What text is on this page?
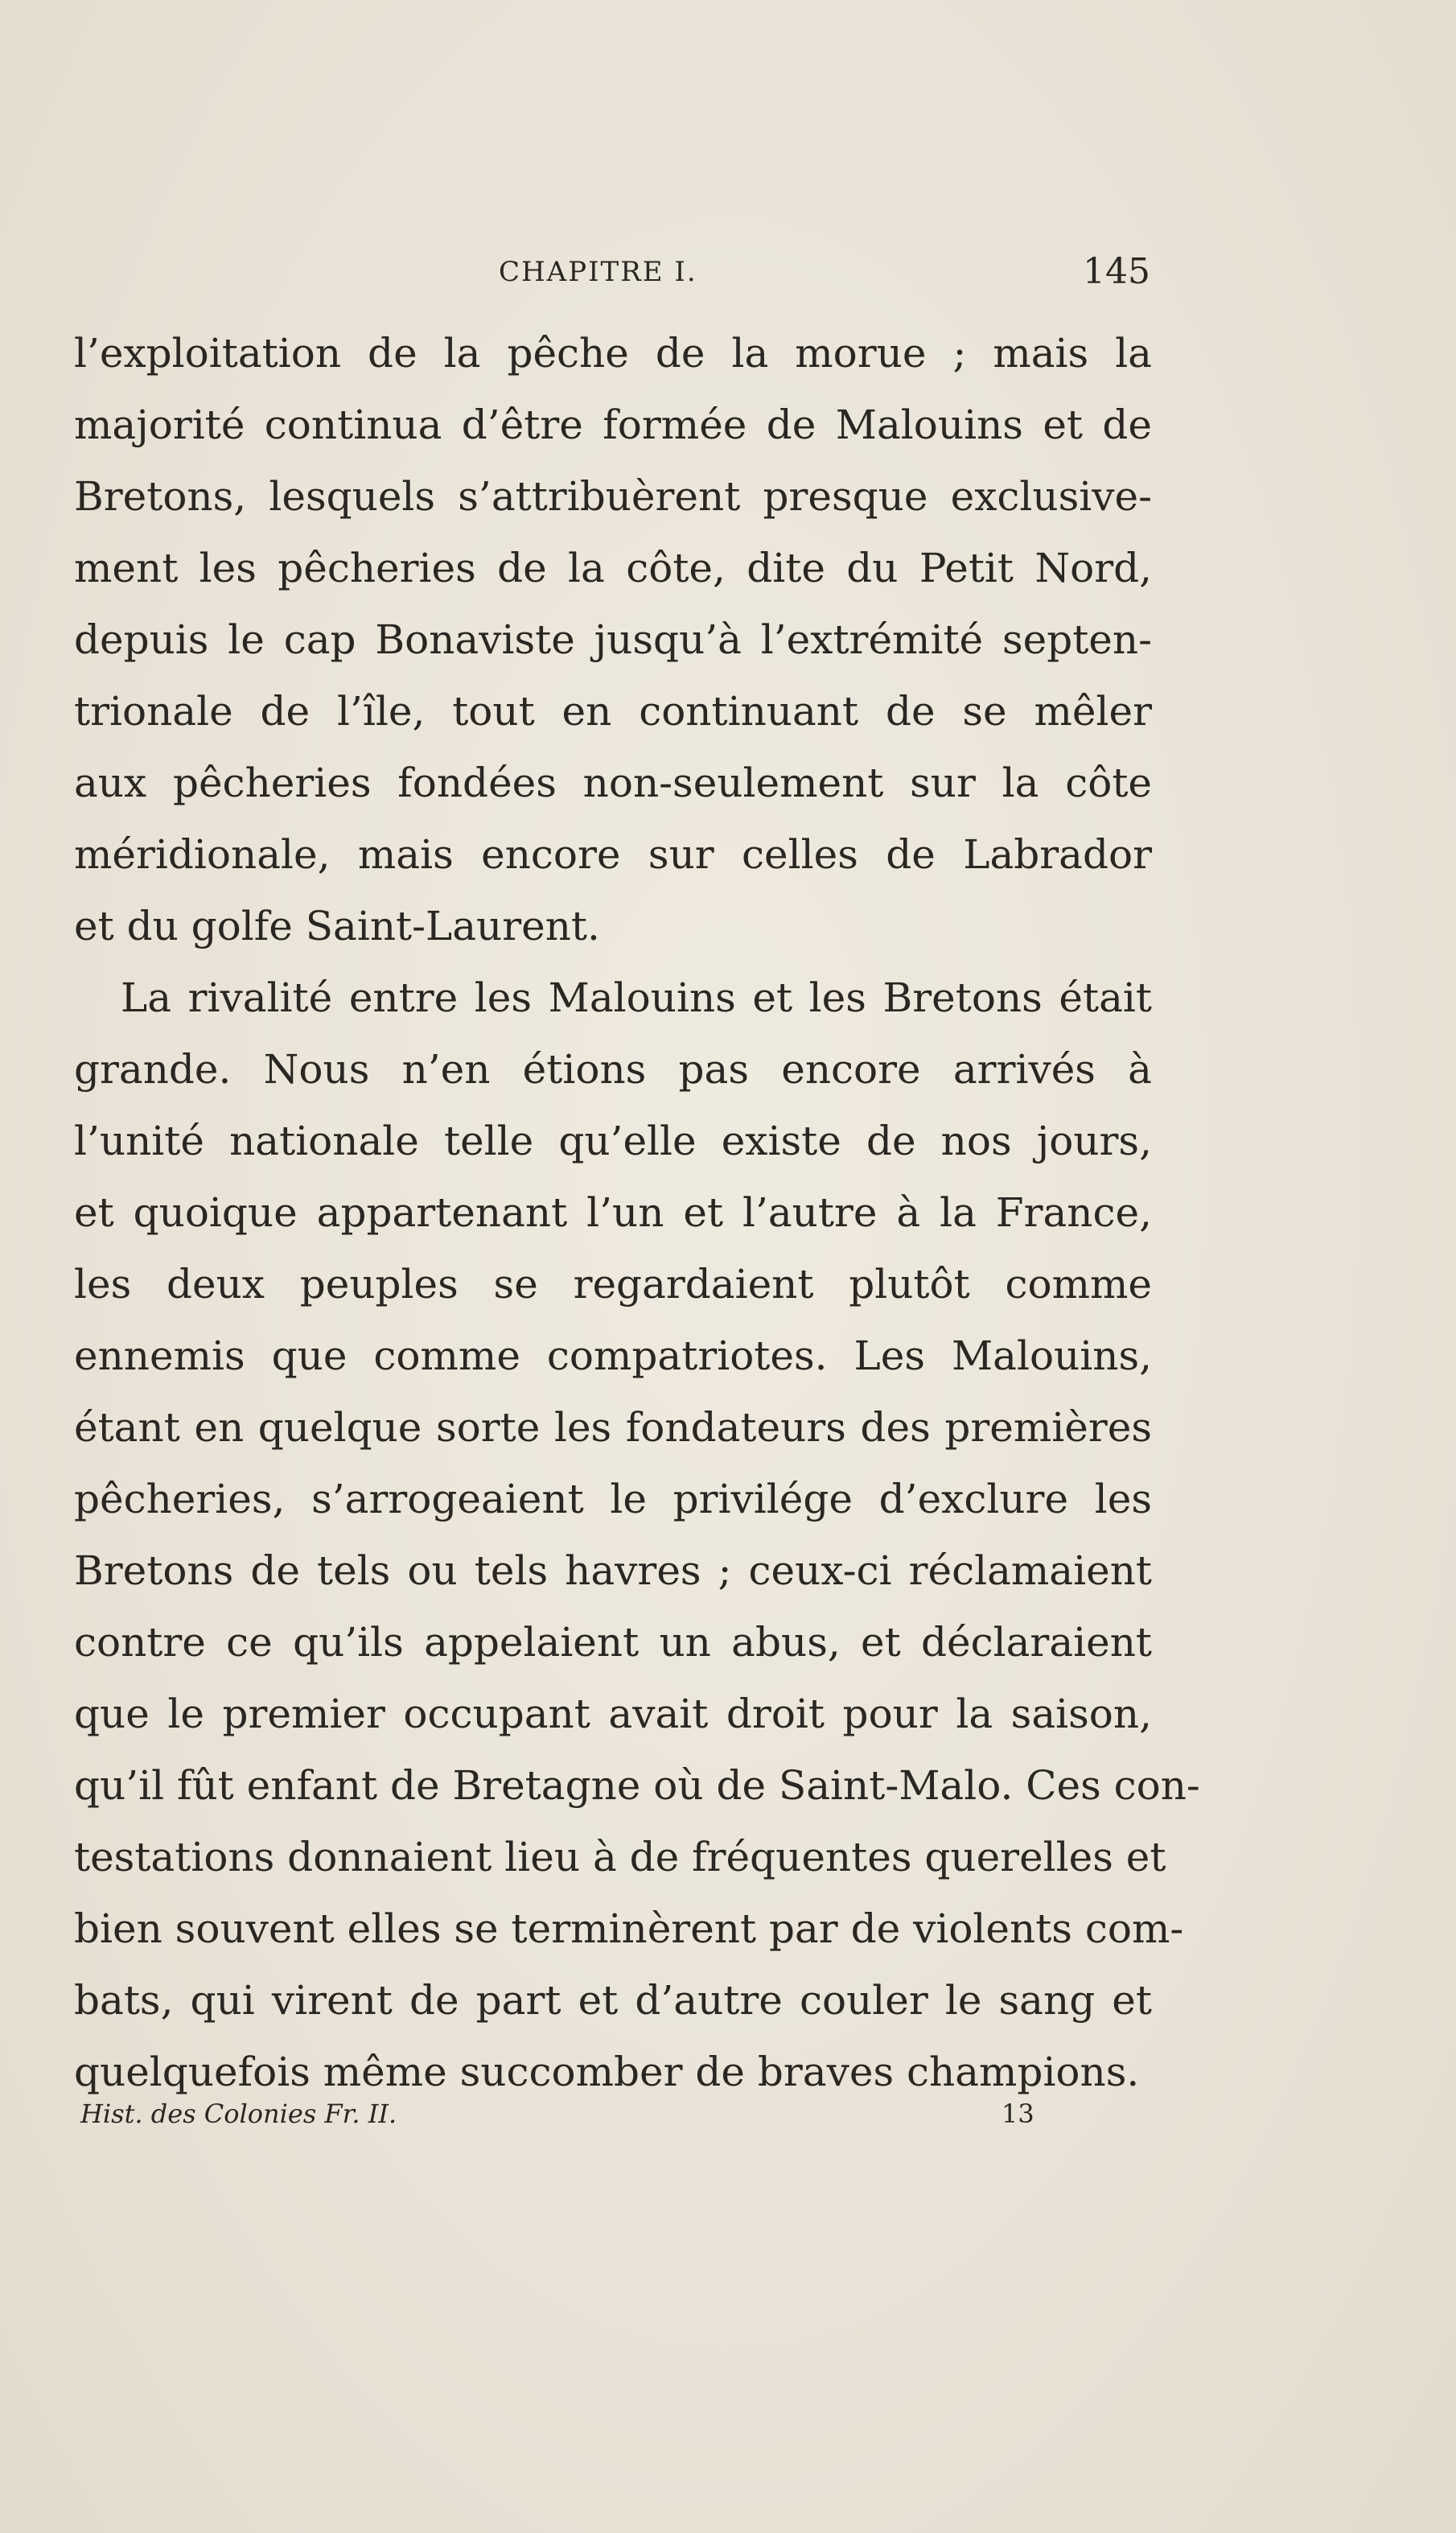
CHAPITRE I.	145
l’exploitation de la pêche de la morue ; mais la
majorité continua d’être formée de Malouins et de
Bretons, lesquels s’attribuèrent presque exclusive-
ment les pêcheries de la côte, dite du Petit Nord,
depuis le cap Bonaviste jusqu’à l’extrémité septen-
trionale de l’île, tout en continuant de se mêler
aux pêcheries fondées non-seulement sur la côte
méridionale, mais encore sur celles de Labrador
et du golfe Saint-Laurent.
La rivalité entre les Malouins et les Bretons était
grande. Nous n’en étions pas encore arrivés à
l’unité nationale telle qu’elle existe de nos jours,
et quoique appartenant l’un et l’autre à la France,
les deux peuples se regardaient plutôt comme
ennemis que comme compatriotes. Les Malouins,
étant en quelque sorte les fondateurs des premières
pêcheries, s’arrogeaient le privilége d’exclure les
Bretons de tels ou tels havres ; ceux-ci réclamaient
contre ce qu’ils appelaient un abus, et déclaraient
que le premier occupant avait droit pour la saison,
qu’il fût enfant de Bretagne où de Saint-Malo. Ces con-
testations donnaient lieu à de fréquentes querelles et
bien souvent elles se terminèrent par de violents com-
bats, qui virent de part et d’autre couler le sang et
quelquefois même succomber de braves champions.
Hist. des Colonies Fr. II.	13
